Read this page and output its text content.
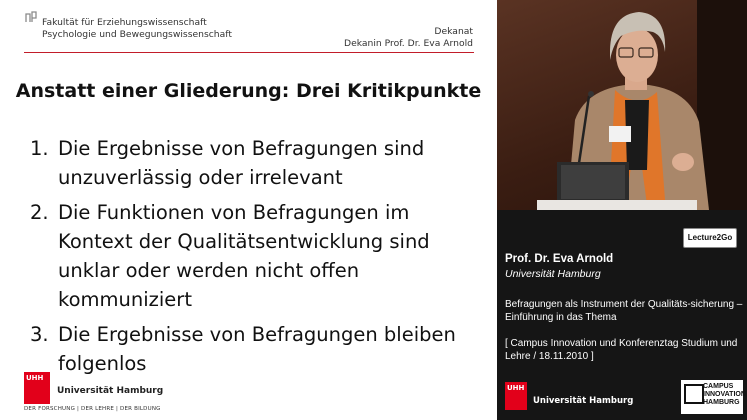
Fakultät für Erziehungswissenschaft
Psychologie und Bewegungswissenschaft	Dekanat
Dekanin Prof. Dr. Eva Arnold
Anstatt einer Gliederung: Drei Kritikpunkte
1. Die Ergebnisse von Befragungen sind unzuverlässig oder irrelevant
2. Die Funktionen von Befragungen im Kontext der Qualitätsentwicklung sind unklar oder werden nicht offen kommuniziert
3. Die Ergebnisse von Befragungen bleiben folgenlos
UHH
Universität Hamburg
DER FORSCHUNG | DER LEHRE | DER BILDUNG
Lecture2Go
Prof. Dr. Eva Arnold
Universität Hamburg
Befragungen als Instrument der Qualitäts-sicherung – Einführung in das Thema
[ Campus Innovation und Konferenztag Studium und Lehre / 18.11.2010 ]
UHH
Universität Hamburg
CAMPUS
INNOVATION
HAMBURG
